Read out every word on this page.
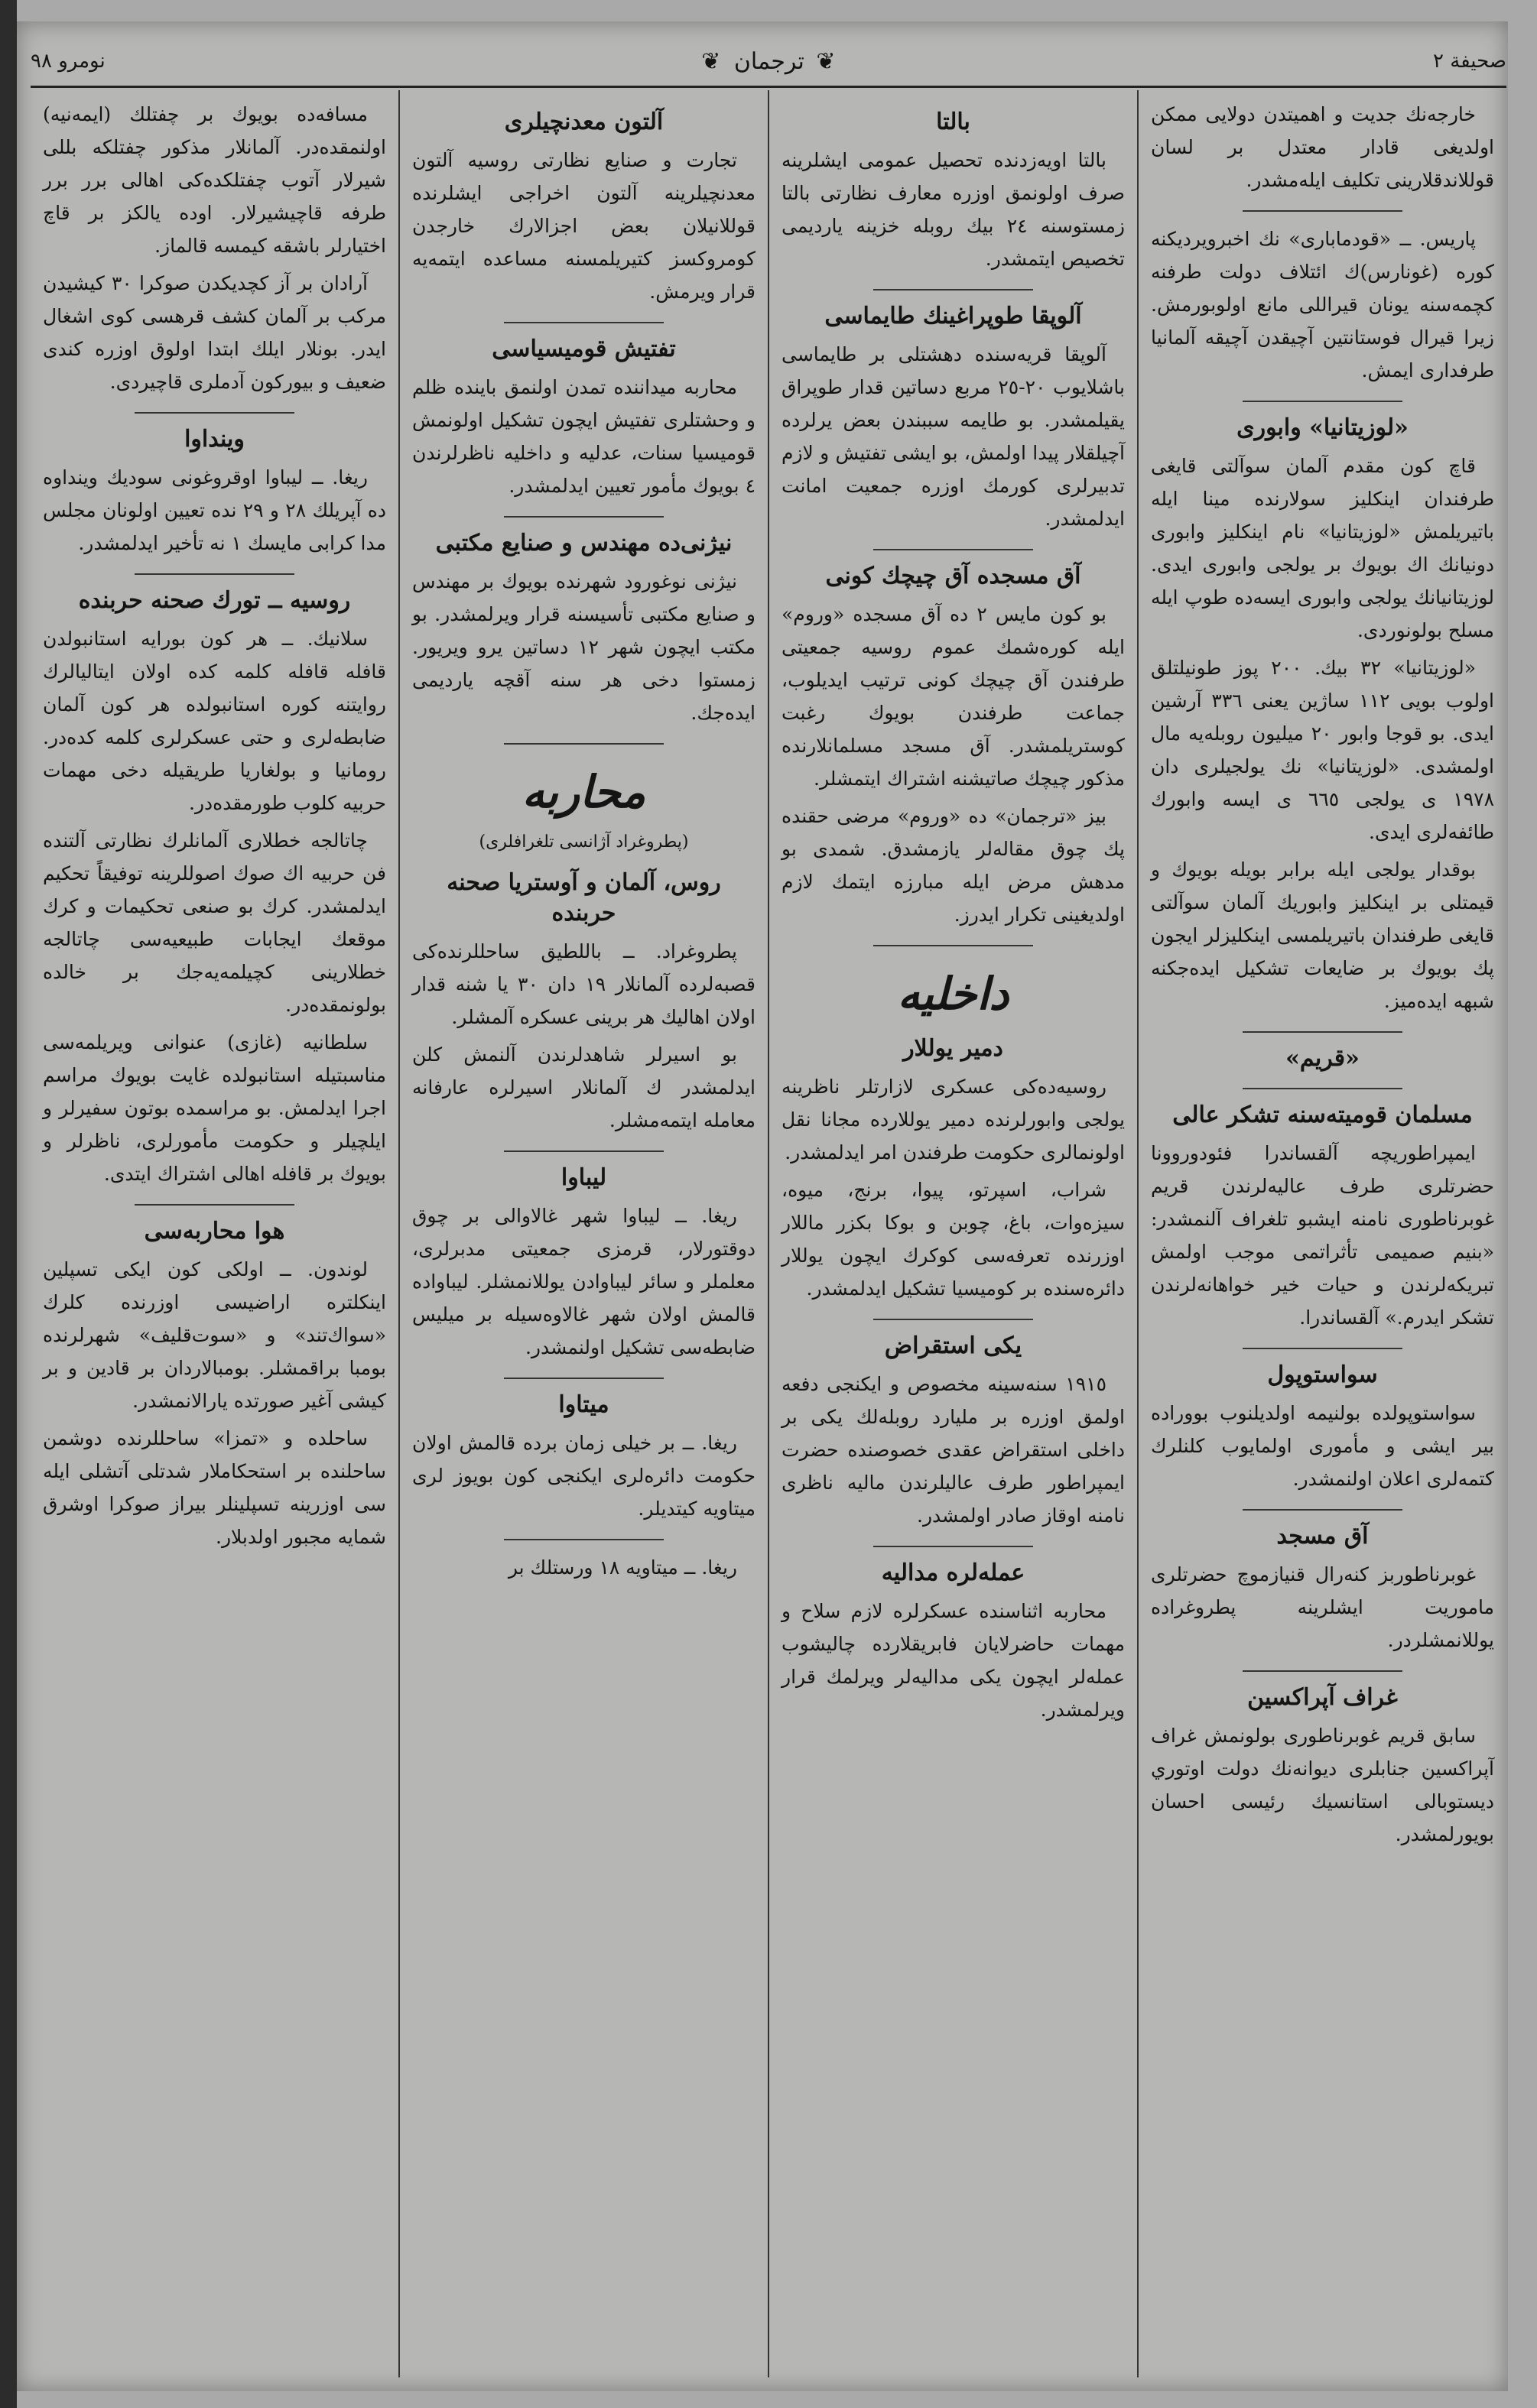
صحيفة ٢
❦ ترجمان ❦
نومرو ٩٨

خارجه‌نك جديت و اهميتدن دولايى ممكن اولديغى قادار معتدل بر لسان قوللاندقلارينى تكليف ايله‌مشدر.

پاريس. ــ «قودمابارى» نك اخبرويرديكنه كوره (غونارس)ك ائتلاف دولت طرفنه كچمه‌سنه يونان قيراللى مانع اولوبورمش. زيرا قيرال فوستانتين آچيقدن آچيقه آلمانيا طرفدارى ايمش.

«لوزيتانيا» وابورى

قاچ كون مقدم آلمان سوآلتى قايغى طرفندان اينكليز سولارنده مينا ايله باتيريلمش «لوزيتانيا» نام اينكليز وابورى دونيانك اك بويوك بر يولجى وابورى ايدى. لوزيتانيانك يولجى وابورى ايسه‌ده طوپ ايله مسلح بولونوردى.

«لوزيتانيا» ٣٢ بيك. ٢٠٠ پوز طونيلتلق اولوب بويى ١١٢ ساژين يعنى ٣٣٦ آرشين ايدى. بو قوجا وابور ٢٠ ميليون روبله‌يه مال اولمشدى. «لوزيتانيا» نك يولجيلرى دان ١٩٧٨ ى يولجى ٦٦٥ ى ايسه وابورك طائفه‌لرى ايدى.

بوقدار يولجى ايله برابر بويله بويوك و قيمتلى بر اينكليز وابوريك آلمان سوآلتى قايغى طرفندان باتيريلمسى اينكليزلر ايجون پك بويوك بر ضايعات تشكيل ايده‌جكنه شبهه ايده‌ميز.

«قريم»
مسلمان قوميته‌سنه تشكر عالى

ايمپراطوريچه آلقساندرا فئودوروونا حضرتلرى طرف عاليه‌لرندن قريم غوبرناطورى نامنه ايشبو تلغراف آلنمشدر: «بنيم صميمى تأثراتمى موجب اولمش تبريكه‌لرندن و حيات خير خواهانه‌لرندن تشكر ايدرم.» آلقساندرا.

سواستوپول

سواستوپولده بولنيمه اولديلنوب بووراده بير ايشى و مأمورى اولمايوب كلنلرك كتمه‌لرى اعلان اولنمشدر.

آق مسجد

غوبرناطوربز كنه‌رال قنيازموچ حضرتلرى ماموريت ايشلرينه پطروغراده يوللانمشلردر.

غراف آپراكسين

سابق قريم غوبرناطورى بولونمش غراف آپراكسين جنابلرى ديوانه‌نك دولت اوتوري ديستوبالى استانسيك رئيسى احسان بويورلمشدر.

بالتا

بالتا اويه‌زدنده تحصيل عمومى ايشلرينه صرف اولونمق اوزره معارف نظارتى بالتا زمستوسنه ٢٤ بيك روبله خزينه يارديمى تخصيص ايتمشدر.

آلوپقا طوپراغينك طايماسى

آلوپقا قريه‌سنده دهشتلى بر طايماسى باشلايوب ٢٠-٢٥ مربع دساتين قدار طوپراق يقيلمشدر. بو طايمه سببندن بعض يرلرده آچيلقلار پيدا اولمش، بو ايشى تفتيش و لازم تدبيرلرى كورمك اوزره جمعيت امانت ايدلمشدر.

آق مسجده آق چيچك كونى

بو كون مايس ٢ ده آق مسجده «وروم» ايله كوره‌شمك عموم روسيه جمعيتى طرفندن آق چيچك كونى ترتيب ايديلوب، جماعت طرفندن بويوك رغبت كوستريلمشدر. آق مسجد مسلمانلارنده مذكور چيچك صاتيشنه اشتراك ايتمشلر.

بيز «ترجمان» ده «وروم» مرضى حقنده پك چوق مقاله‌لر يازمشدق. شمدى بو مدهش مرض ايله مبارزه ايتمك لازم اولديغينى تكرار ايدرز.

داخليه
دمير يوللار

روسيه‌ده‌كى عسكرى لازارتلر ناظرينه يولجى وابورلرنده دمير يوللارده مجانا نقل اولونمالرى حكومت طرفندن امر ايدلمشدر.

شراب، اسپرتو، پيوا، برنج، ميوه، سيزه‌وات، باغ، چوبن و بوكا بكزر ماللار اوزرنده تعرفه‌سى كوكرك ايچون يوللار دائره‌سنده بر كوميسيا تشكيل ايدلمشدر.

يكى استقراض

١٩١٥ سنه‌سينه مخصوص و ايكنجى دفعه اولمق اوزره بر مليارد روبله‌لك يكى بر داخلى استقراض عقدى خصوصنده حضرت ايمپراطور طرف عاليلرندن ماليه ناظرى نامنه اوقاز صادر اولمشدر.

عمله‌لره مداليه

محاربه اثناسنده عسكرلره لازم سلاح و مهمات حاضرلايان فابريقلارده چاليشوب عمله‌لر ايچون يكى مداليه‌لر ويرلمك قرار ويرلمشدر.

آلتون معدنچيلرى

تجارت و صنايع نظارتى روسيه آلتون معدنچيلرينه آلتون اخراجى ايشلرنده قوللانيلان بعض اجزالارك خارجدن كومروكسز كتيريلمسنه مساعده ايتمه‌يه قرار ويرمش.

تفتيش قوميسياسى

محاربه ميداننده تمدن اولنمق باينده ظلم و وحشتلرى تفتيش ايچون تشكيل اولونمش قوميسيا سنات، عدليه و داخليه ناظرلرندن ٤ بويوك مأمور تعيين ايدلمشدر.

نيژنى‌ده مهندس و صنايع مكتبى

نيژنى نوغورود شهرنده بويوك بر مهندس و صنايع مكتبى تأسيسنه قرار ويرلمشدر. بو مكتب ايچون شهر ١٢ دساتين يرو ويريور. زمستوا دخى هر سنه آقچه يارديمى ايده‌جك.

محاربه
(پطروغراد آژانسى تلغرافلرى)
روس، آلمان و آوستريا صحنه حربنده

پطروغراد. ــ باللطيق ساحللرنده‌كى قصبه‌لرده آلمانلار ١٩ دان ٣٠ يا شنه قدار اولان اهاليك هر برينى عسكره آلمشلر.

بو اسيرلر شاهدلرندن آلنمش كلن ايدلمشدر ك آلمانلار اسيرلره عارفانه معامله ايتمه‌مشلر.

ليباوا

ريغا. ــ ليباوا شهر غالاوالى بر چوق دوقتورلار، قرمزى جمعيتى مدبرلرى، معلملر و سائر ليباوادن يوللانمشلر. ليباواده قالمش اولان شهر غالاوه‌سيله بر ميليس ضابطه‌سى تشكيل اولنمشدر.

ميتاوا

ريغا. ــ بر خيلى زمان برده قالمش اولان حكومت دائره‌لرى ايكنجى كون بويوز لرى ميتاويه كيتديلر.

ريغا. ــ ميتاويه ١٨ ورستلك بر

مسافه‌ده بويوك بر چفتلك (ايمه‌نيه) اولنمقده‌در. آلمانلار مذكور چفتلكه بللى شيرلار آتوب چفتلكده‌كى اهالى برر برر طرفه قاچيشيرلار. اوده يالكز بر قاچ اختيارلر باشقه كيمسه قالماز.

آرادان بر آز كچديكدن صوكرا ٣٠ كيشيدن مركب بر آلمان كشف قرهسى كوى اشغال ايدر. بونلار ايلك ابتدا اولوق اوزره كندى ضعيف و بيوركون آدملرى قاچيردى.

وينداوا

ريغا. ــ ليباوا اوقروغونى سوديك وينداوه ده آپريلك ٢٨ و ٢٩ نده تعيين اولونان مجلس مدا كرابى مايسك ١ نه تأخير ايدلمشدر.

روسيه ــ تورك صحنه حربنده

سلانيك. ــ هر كون بورايه استانبولدن قافله قافله كلمه كده اولان ايتاليالرك روايتنه كوره استانبولده هر كون آلمان ضابطه‌لرى و حتى عسكرلرى كلمه كده‌در. رومانيا و بولغاريا طريقيله دخى مهمات حربيه كلوب طورمقده‌در.

چاتالجه خطلارى آلمانلرك نظارتى آلتنده فن حربيه اك صوك اصوللرينه توفيقاً تحكيم ايدلمشدر. كرك بو صنعى تحكيمات و كرك موقعك ايجابات طبيعيه‌سى چاتالجه خطلارينى كچيلمه‌يه‌جك بر خالده بولونمقده‌در.

سلطانيه (غازى) عنوانى ويريلمه‌سى مناسبتيله استانبولده غايت بويوك مراسم اجرا ايدلمش. بو مراسمده بوتون سفيرلر و ايلچيلر و حكومت مأمورلرى، ناظرلر و بويوك بر قافله اهالى اشتراك ايتدى.

هوا محاربه‌سى

لوندون. ــ اولكى كون ايكى تسپلين اينكلتره اراضيسى اوزرنده كلرك «سواك‌تند» و «سوت‌قليف» شهرلرنده بومبا براقمشلر. بومبالاردان بر قادين و بر كيشى آغير صورتده يارالانمشدر.

ساحلده و «تمزا» ساحللرنده دوشمن ساحلنده بر استحكاملار شدتلى آتشلى ايله سى اوزرينه تسپلينلر بيراز صوكرا اوشرق شمايه مجبور اولدبلار.
